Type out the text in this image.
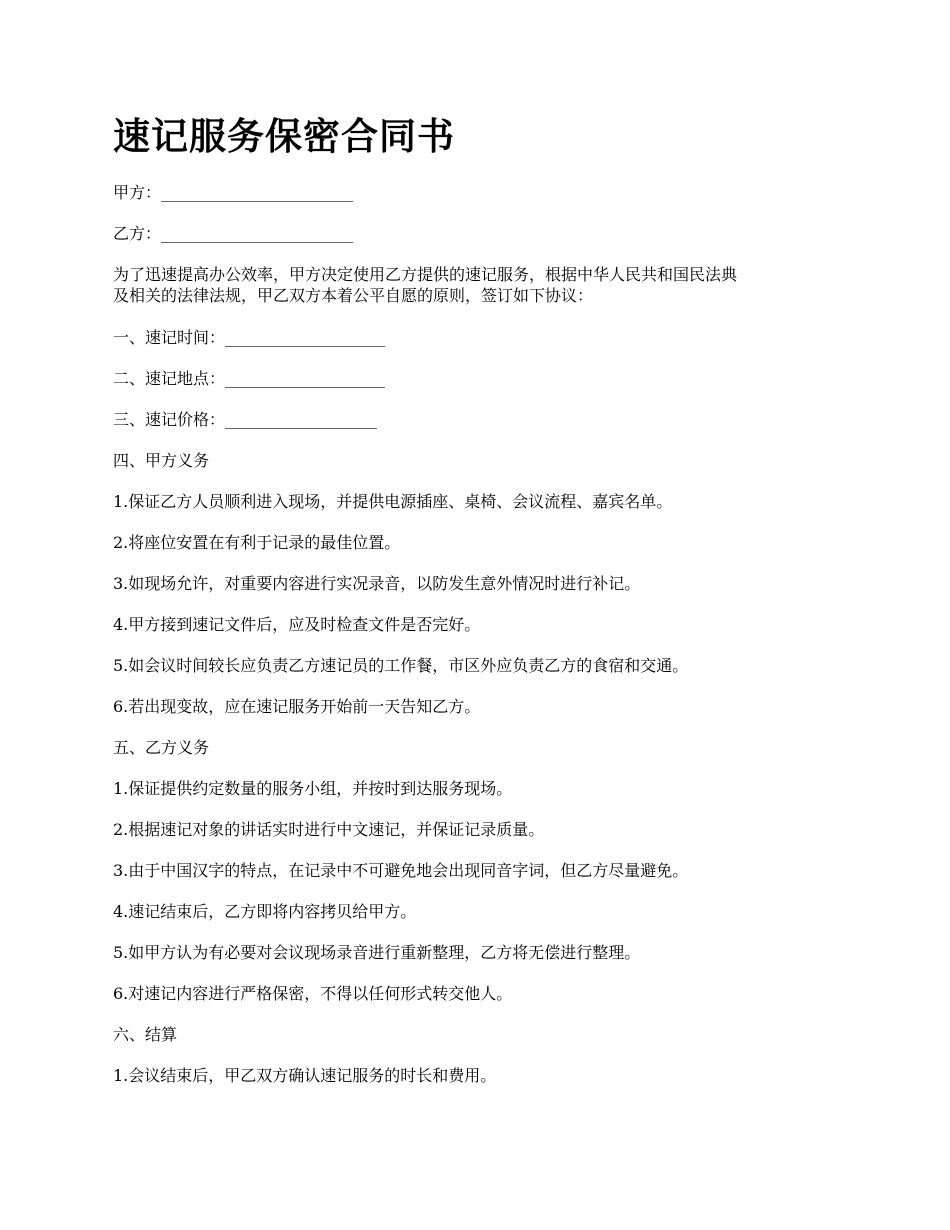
速记服务保密合同书

甲方：________________________

乙方：________________________

为了迅速提高办公效率，甲方决定使用乙方提供的速记服务，根据中华人民共和国民法典
及相关的法律法规，甲乙双方本着公平自愿的原则，签订如下协议：

一、速记时间：____________________

二、速记地点：____________________

三、速记价格：___________________

四、甲方义务

1.保证乙方人员顺利进入现场，并提供电源插座、桌椅、会议流程、嘉宾名单。

2.将座位安置在有利于记录的最佳位置。

3.如现场允许，对重要内容进行实况录音，以防发生意外情况时进行补记。

4.甲方接到速记文件后，应及时检查文件是否完好。

5.如会议时间较长应负责乙方速记员的工作餐，市区外应负责乙方的食宿和交通。

6.若出现变故，应在速记服务开始前一天告知乙方。

五、乙方义务

1.保证提供约定数量的服务小组，并按时到达服务现场。

2.根据速记对象的讲话实时进行中文速记，并保证记录质量。

3.由于中国汉字的特点，在记录中不可避免地会出现同音字词，但乙方尽量避免。

4.速记结束后，乙方即将内容拷贝给甲方。

5.如甲方认为有必要对会议现场录音进行重新整理，乙方将无偿进行整理。

6.对速记内容进行严格保密，不得以任何形式转交他人。

六、结算

1.会议结束后，甲乙双方确认速记服务的时长和费用。
